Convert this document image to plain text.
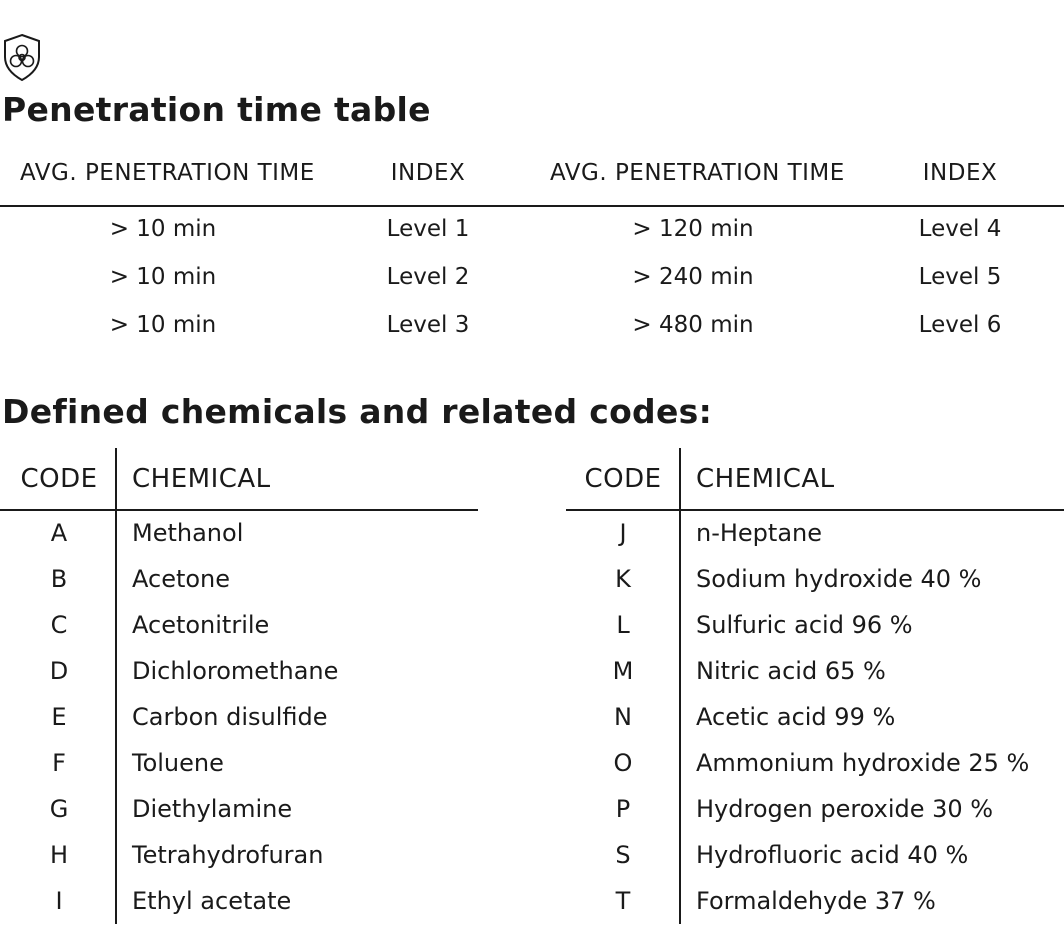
Penetration time table
AVG. PENETRATION TIME	INDEX	AVG. PENETRATION TIME	INDEX
> 10 min	Level 1	> 120 min	Level 4
> 10 min	Level 2	> 240 min	Level 5
> 10 min	Level 3	> 480 min	Level 6
Defined chemicals and related codes:
CODE	CHEMICAL
A	Methanol
B	Acetone
C	Acetonitrile
D	Dichloromethane
E	Carbon disulfide
F	Toluene
G	Diethylamine
H	Tetrahydrofuran
I	Ethyl acetate
CODE	CHEMICAL
J	n-Heptane
K	Sodium hydroxide 40 %
L	Sulfuric acid 96 %
M	Nitric acid 65 %
N	Acetic acid 99 %
O	Ammonium hydroxide 25 %
P	Hydrogen peroxide 30 %
S	Hydrofluoric acid 40 %
T	Formaldehyde 37 %
